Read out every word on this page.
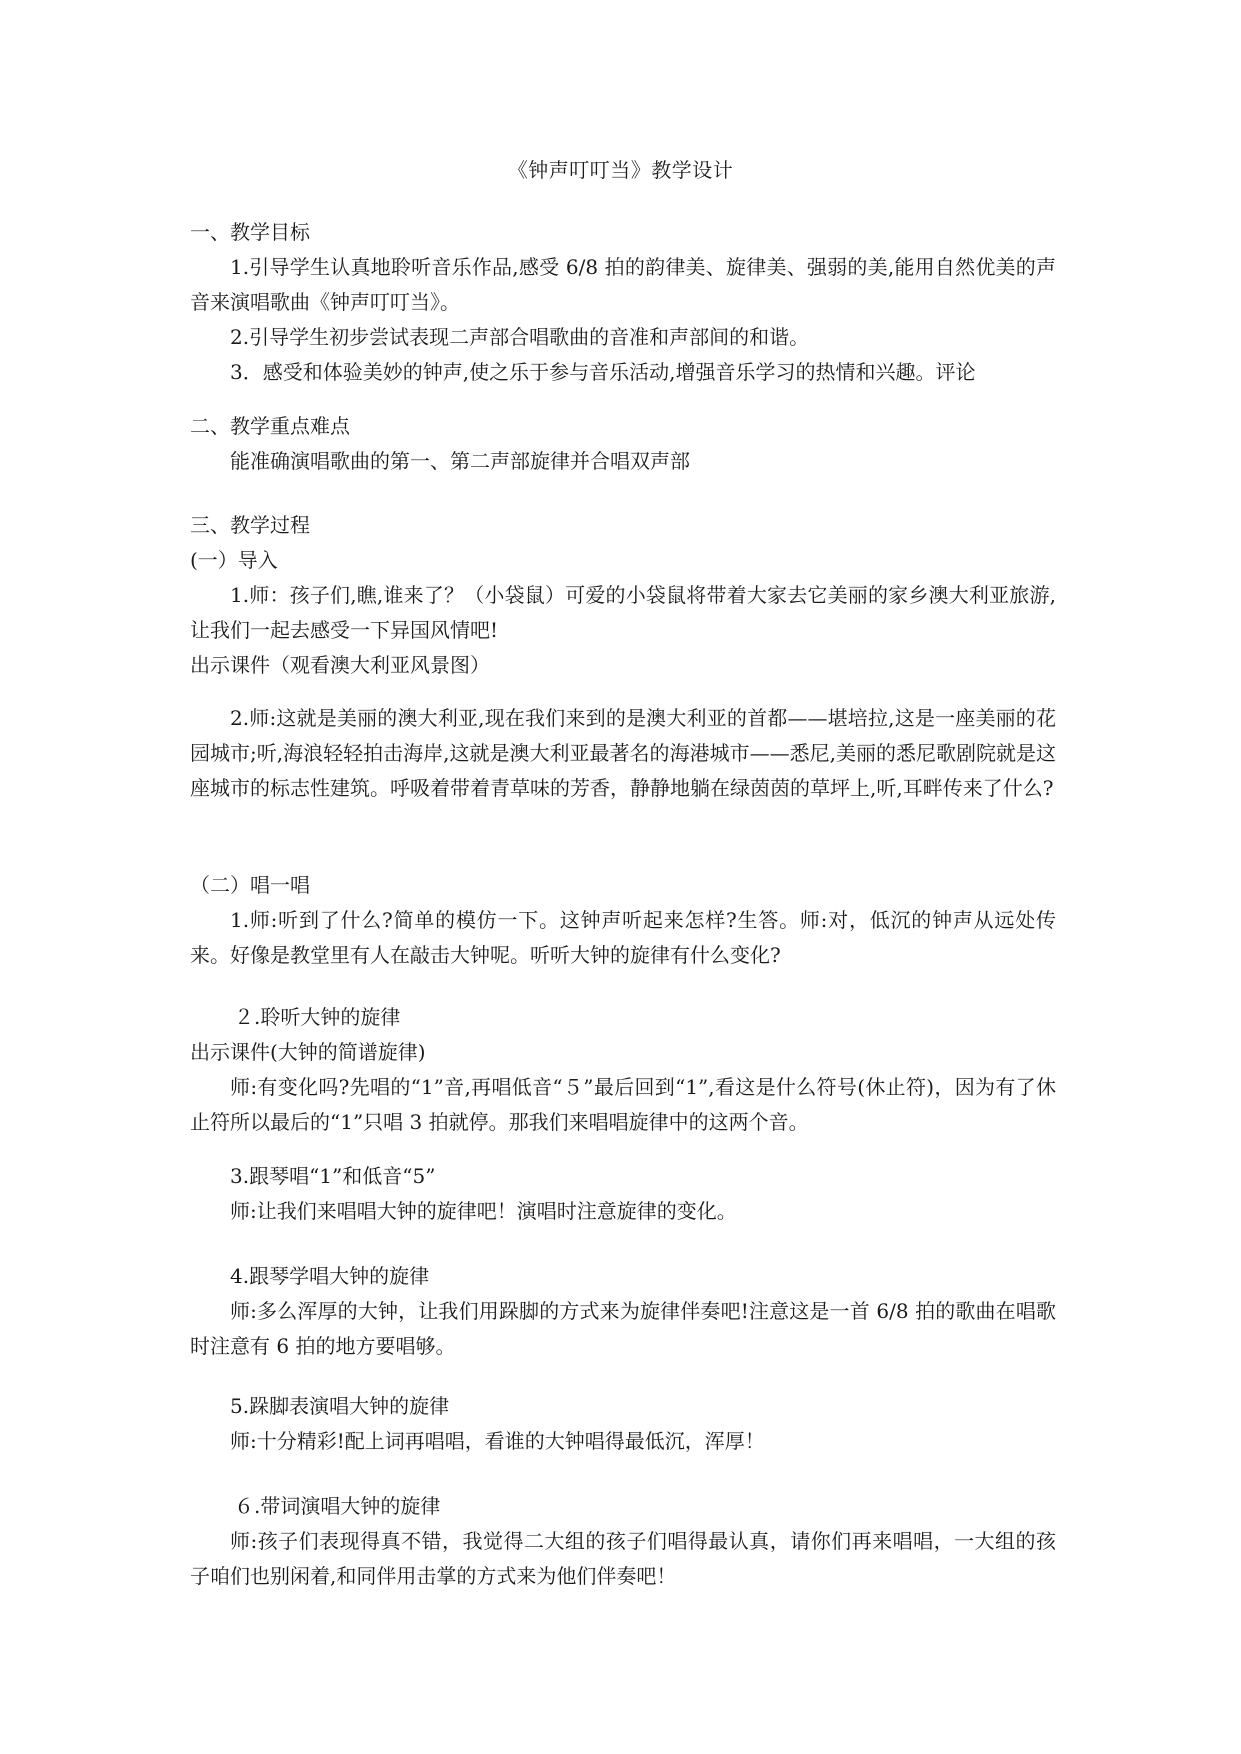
《钟声叮叮当》教学设计

一、教学目标

1.引导学生认真地聆听音乐作品,感受 6/8 拍的韵律美、旋律美、强弱的美,能用自然优美的声音来演唱歌曲《钟声叮叮当》。

2.引导学生初步尝试表现二声部合唱歌曲的音准和声部间的和谐。

3．感受和体验美妙的钟声,使之乐于参与音乐活动,增强音乐学习的热情和兴趣。评论

二、教学重点难点

能准确演唱歌曲的第一、第二声部旋律并合唱双声部

三、教学过程

(一）导入

1.师：孩子们,瞧,谁来了？（小袋鼠）可爱的小袋鼠将带着大家去它美丽的家乡澳大利亚旅游,让我们一起去感受一下异国风情吧!

出示课件（观看澳大利亚风景图）

2.师:这就是美丽的澳大利亚,现在我们来到的是澳大利亚的首都——堪培拉,这是一座美丽的花园城市;听,海浪轻轻拍击海岸,这就是澳大利亚最著名的海港城市——悉尼,美丽的悉尼歌剧院就是这座城市的标志性建筑。呼吸着带着青草味的芳香，静静地躺在绿茵茵的草坪上,听,耳畔传来了什么?

（二）唱一唱

1.师:听到了什么?简单的模仿一下。这钟声听起来怎样?生答。师:对，低沉的钟声从远处传来。好像是教堂里有人在敲击大钟呢。听听大钟的旋律有什么变化?

２.聆听大钟的旋律

出示课件(大钟的简谱旋律)

师:有变化吗?先唱的“1”音,再唱低音“５”最后回到“1”,看这是什么符号(休止符)，因为有了休止符所以最后的“1”只唱 3 拍就停。那我们来唱唱旋律中的这两个音。

3.跟琴唱“1”和低音“5”

师:让我们来唱唱大钟的旋律吧！演唱时注意旋律的变化。

4.跟琴学唱大钟的旋律

师:多么浑厚的大钟，让我们用跺脚的方式来为旋律伴奏吧!注意这是一首 6/8 拍的歌曲在唱歌时注意有 6 拍的地方要唱够。

5.跺脚表演唱大钟的旋律

师:十分精彩!配上词再唱唱，看谁的大钟唱得最低沉，浑厚！

６.带词演唱大钟的旋律

师:孩子们表现得真不错，我觉得二大组的孩子们唱得最认真，请你们再来唱唱，一大组的孩子咱们也别闲着,和同伴用击掌的方式来为他们伴奏吧！
